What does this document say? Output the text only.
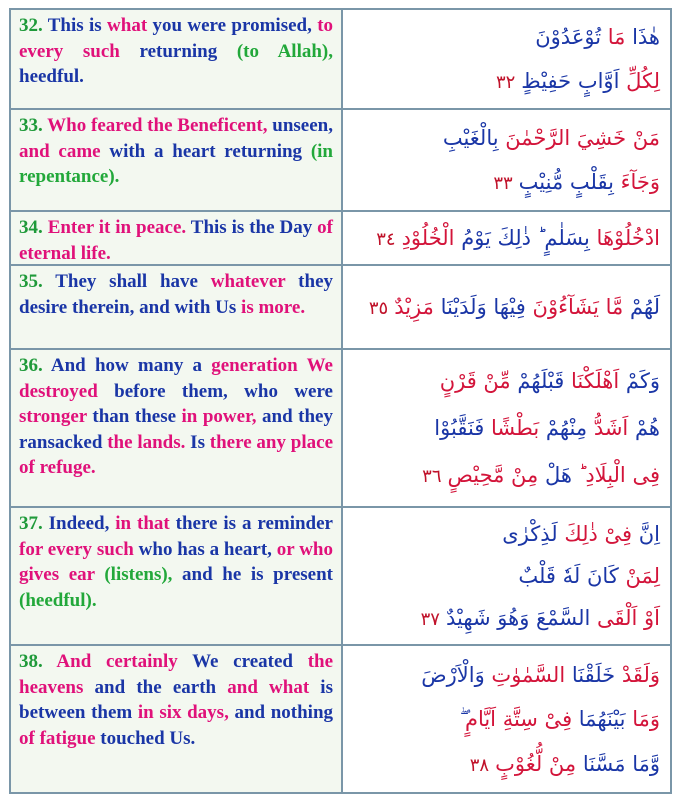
32. This is what you were promised, to every such returning (to Allah), heedful.
هٰذَا مَا تُوْعَدُوْنَ
لِكُلِّ اَوَّابٍ حَفِيْظٍ٣٢
33. Who feared the Beneficent, unseen, and came with a heart returning (in repentance).
مَنْ خَشِيَ الرَّحْمٰنَ بِالْغَيْبِ
وَجَآءَ بِقَلْبٍ مُّنِيْبٍ٣٣
34. Enter it in peace. This is the Day of eternal life.
ادْخُلُوْهَا بِسَلٰمٍ ؕ ذٰلِكَ يَوْمُ الْخُلُوْدِ٣٤
35. They shall have whatever they desire therein, and with Us is more.	لَهُمْ مَّا يَشَآءُوْنَ فِيْهَا وَلَدَيْنَا مَزِيْدٌ٣٥
36. And how many a generation We destroyed before them, who were stronger than these in power, and they ransacked the lands. Is there any place of refuge.
وَكَمْ اَهْلَكْنَا قَبْلَهُمْ مِّنْ قَرْنٍ
هُمْ اَشَدُّ مِنْهُمْ بَطْشًا فَنَقَّبُوْا
فِى الْبِلَادِ ؕ هَلْ مِنْ مَّحِيْصٍ٣٦
37. Indeed, in that there is a reminder for every such who has a heart, or who gives ear (listens), and he is present (heedful).
اِنَّ فِىْ ذٰلِكَ لَذِكْرٰى
لِمَنْ كَانَ لَهٗ قَلْبٌ
اَوْ اَلْقَى السَّمْعَ وَهُوَ شَهِيْدٌ٣٧
38. And certainly We created the heavens and the earth and what is between them in six days, and nothing of fatigue touched Us.
وَلَقَدْ خَلَقْنَا السَّمٰوٰتِ وَالْاَرْضَ
وَمَا بَيْنَهُمَا فِىْ سِتَّةِ اَيَّامٍ ۖ
وَّمَا مَسَّنَا مِنْ لُّغُوْبٍ٣٨
